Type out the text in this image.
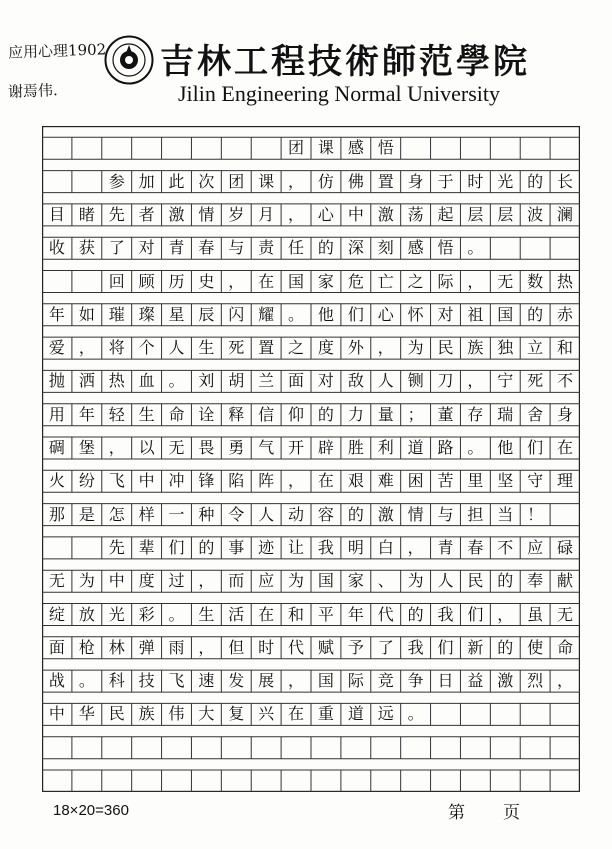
应用心理1902
谢焉伟.
吉林工程技術師范學院
Jilin Engineering Normal University
团 课 感 悟
参 加 此 次 团 课 ， 仿 佛 置 身 于 时 光 的 长
目 睹 先 者 激 情 岁 月 ， 心 中 激 荡 起 层 层 波 澜
收 获 了 对 青 春 与 责 任 的 深 刻 感 悟 。
回 顾 历 史 ， 在 国 家 危 亡 之 际 ， 无 数 热
年 如 璀 璨 星 辰 闪 耀 。 他 们 心 怀 对 祖 国 的 赤
爱 ， 将 个 人 生 死 置 之 度 外 ， 为 民 族 独 立 和
抛 洒 热 血 。 刘 胡 兰 面 对 敌 人 铡 刀 ， 宁 死 不
用 年 轻 生 命 诠 释 信 仰 的 力 量 ； 董 存 瑞 舍 身
碉 堡 ， 以 无 畏 勇 气 开 辟 胜 利 道 路 。 他 们 在
火 纷 飞 中 冲 锋 陷 阵 ， 在 艰 难 困 苦 里 坚 守 理
那 是 怎 样 一 种 令 人 动 容 的 激 情 与 担 当 ！
先 辈 们 的 事 迹 让 我 明 白 ， 青 春 不 应 碌
无 为 中 度 过 ， 而 应 为 国 家 、 为 人 民 的 奉 献
绽 放 光 彩 。 生 活 在 和 平 年 代 的 我 们 ， 虽 无
面 枪 林 弹 雨 ， 但 时 代 赋 予 了 我 们 新 的 使 命
战 。 科 技 飞 速 发 展 ， 国 际 竞 争 日 益 激 烈 ，
中 华 民 族 伟 大 复 兴 在 重 道 远 。
18×20=360	第 页
